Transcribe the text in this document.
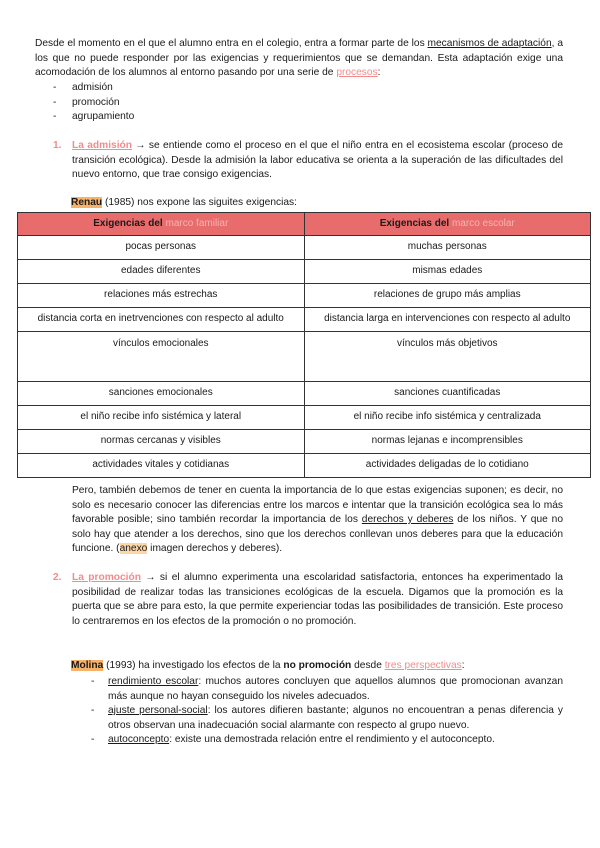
Desde el momento en el que el alumno entra en el colegio, entra a formar parte de los mecanismos de adaptación, a los que no puede responder por las exigencias y requerimientos que se demandan. Esta adaptación exige una acomodación de los alumnos al entorno pasando por una serie de procesos:
- admisión
- promoción
- agrupamiento
1. La admisión → se entiende como el proceso en el que el niño entra en el ecosistema escolar (proceso de transición ecológica). Desde la admisión la labor educativa se orienta a la superación de las dificultades del nuevo entorno, que trae consigo exigencias.
Renau (1985) nos expone las siguites exigencias:
Exigencias del marco familiar	Exigencias del marco escolar
pocas personas	muchas personas
edades diferentes	mismas edades
relaciones más estrechas	relaciones de grupo más amplias
distancia corta en inetrvenciones con respecto al adulto	distancia larga en intervenciones con respecto al adulto
vínculos emocionales	vínculos más objetivos
sanciones emocionales	sanciones cuantificadas
el niño recibe info sistémica y lateral	el niño recibe info sistémica y centralizada
normas cercanas y visibles	normas lejanas e incomprensibles
actividades vitales y cotidianas	actividades deligadas de lo cotidiano
Pero, también debemos de tener en cuenta la importancia de lo que estas exigencias suponen; es decir, no solo es necesario conocer las diferencias entre los marcos e intentar que la transición ecológica sea lo más favorable posible; sino también recordar la importancia de los derechos y deberes de los niños. Y que no solo hay que atender a los derechos, sino que los derechos conllevan unos deberes para que la educación funcione. (anexo imagen derechos y deberes).
2. La promoción → si el alumno experimenta una escolaridad satisfactoria, entonces ha experimentado la posibilidad de realizar todas las transiciones ecológicas de la escuela. Digamos que la promoción es la puerta que se abre para esto, la que permite experienciar todas las posibilidades de transición. Este proceso lo centraremos en los efectos de la promoción o no promoción.
Molina (1993) ha investigado los efectos de la no promoción desde tres perspectivas:
- rendimiento escolar: muchos autores concluyen que aquellos alumnos que promocionan avanzan más aunque no hayan conseguido los niveles adecuados.
- ajuste personal-social: los autores difieren bastante; algunos no encouentran a penas diferencia y otros observan una inadecuación social alarmante con respecto al grupo nuevo.
- autoconcepto: existe una demostrada relación entre el rendimiento y el autoconcepto.
